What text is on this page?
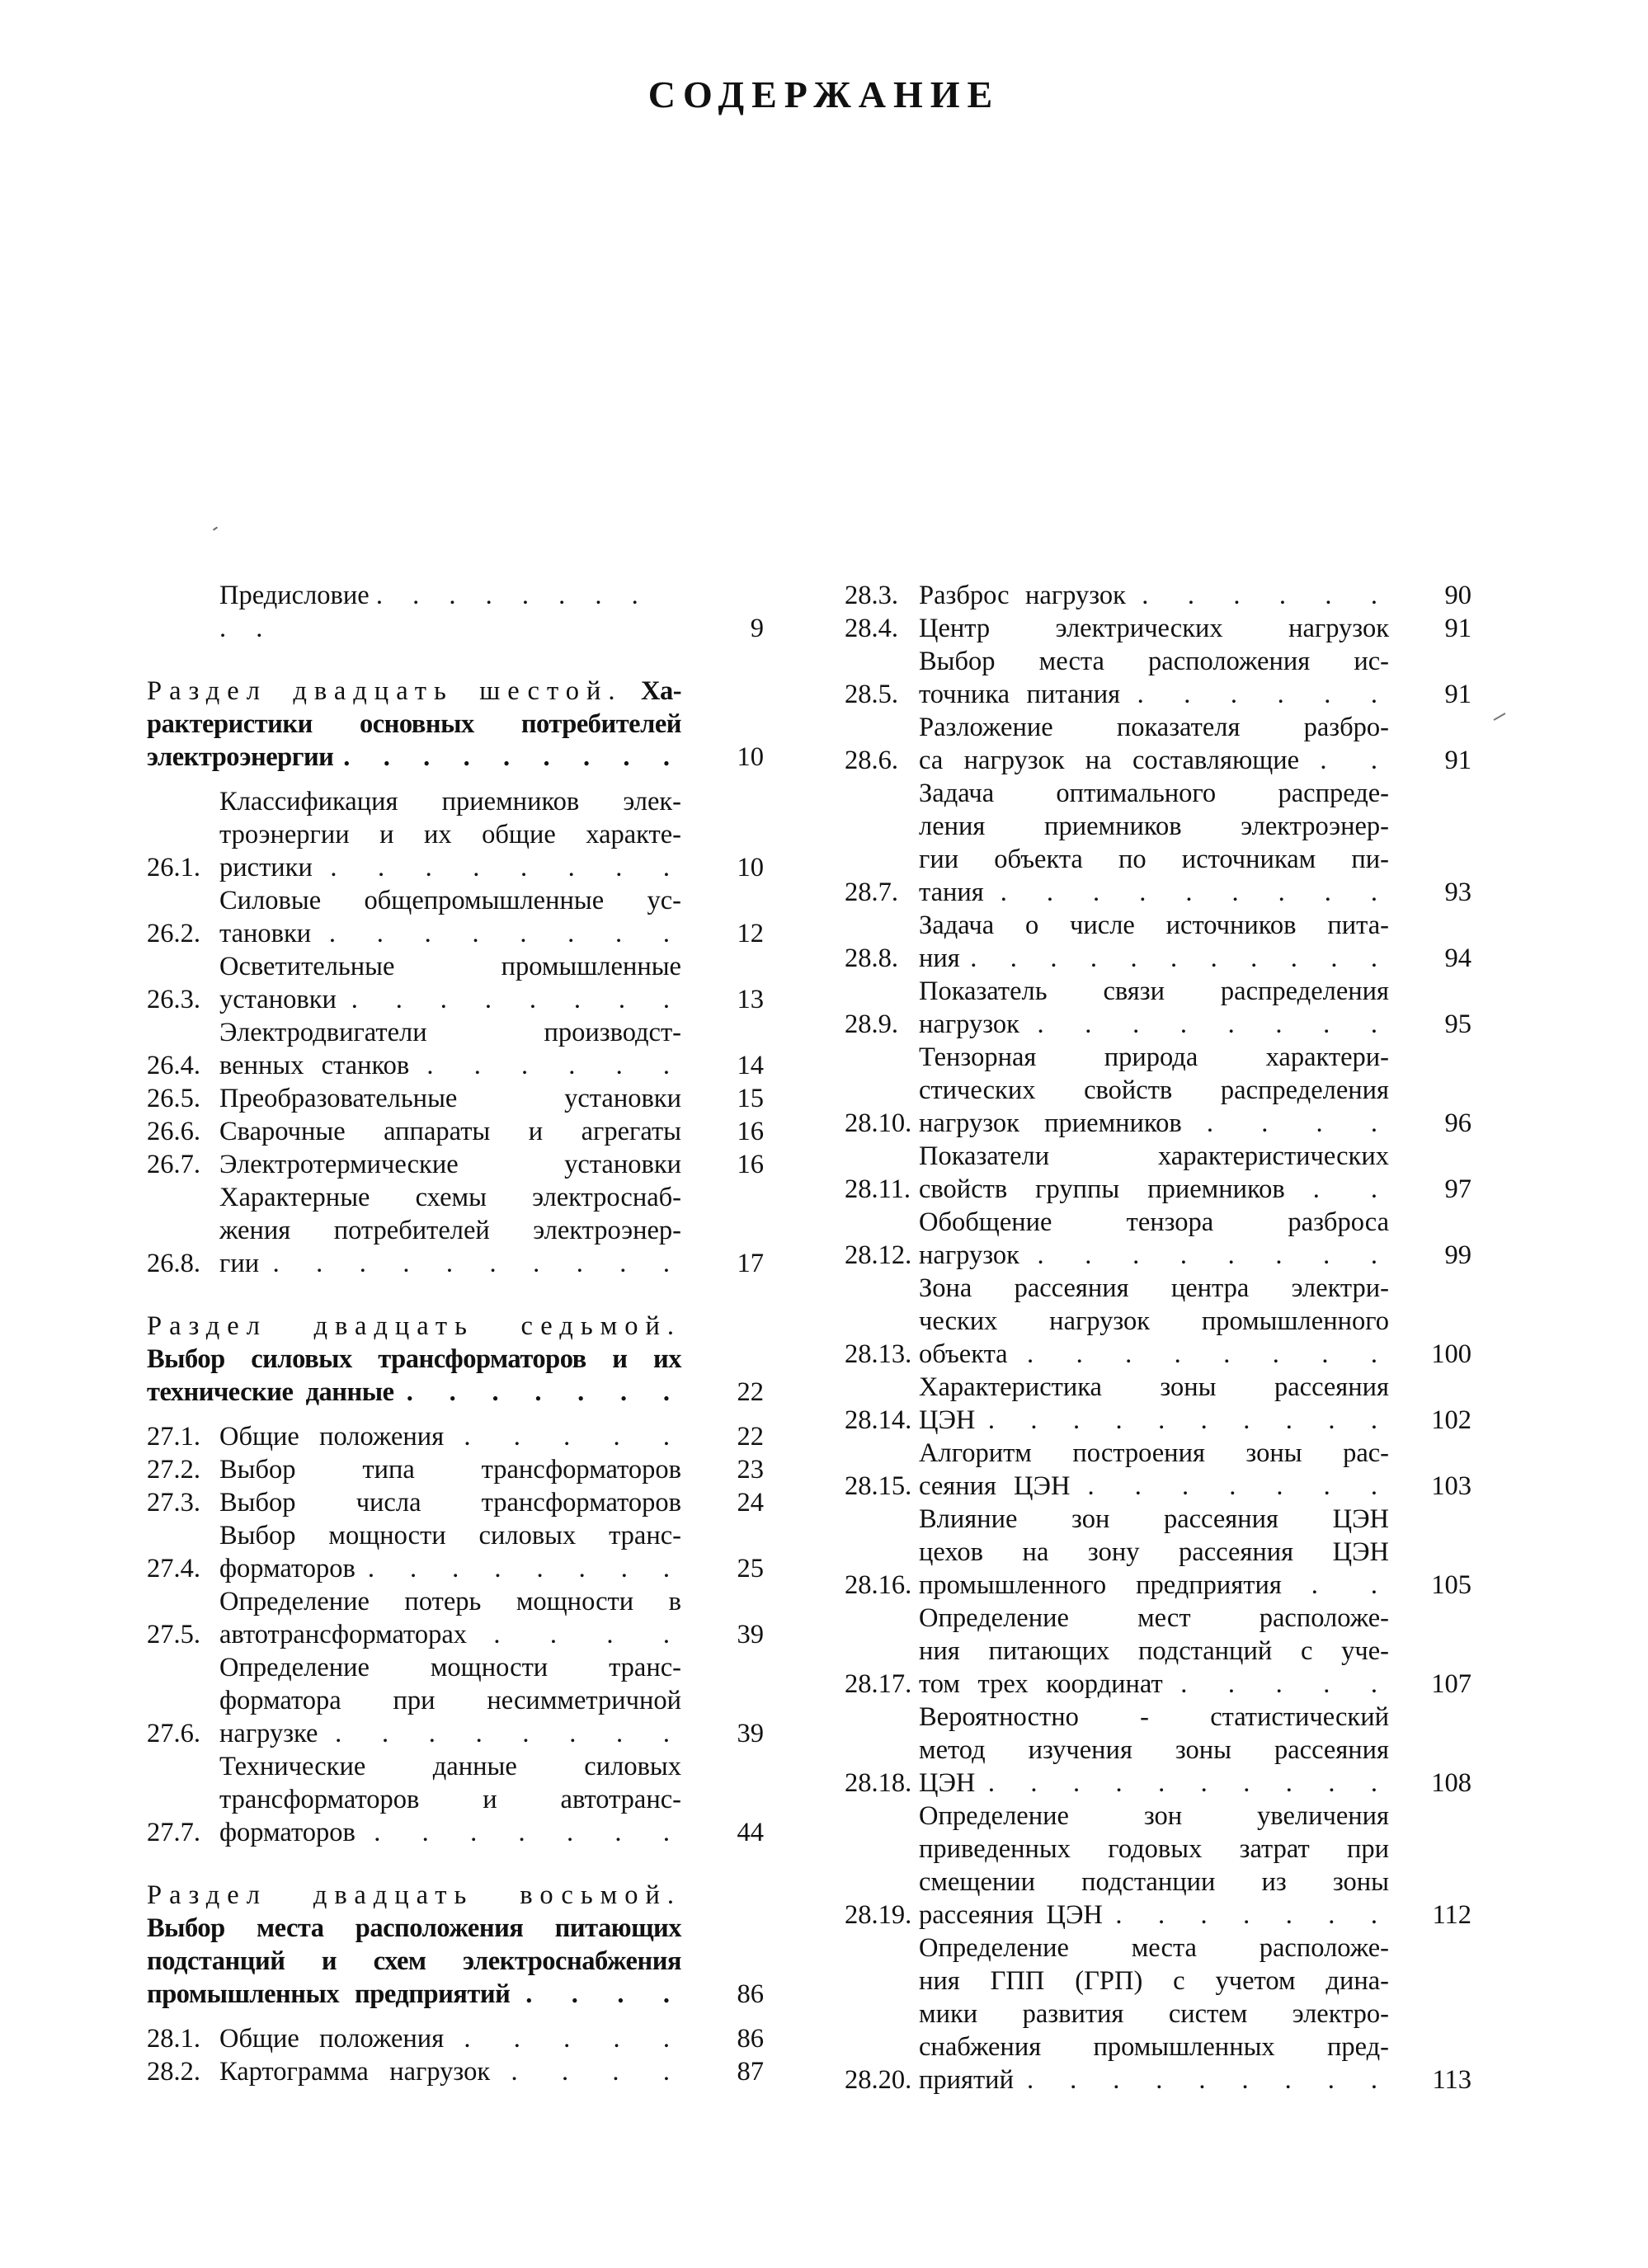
СОДЕРЖАНИЕ
Предисловие . . . . . . . . . .	9
Раздел двадцать шестой. Ха-
рактеристики основных потребителей
электроэнергии . . . . . . . . .	10
26.1.
Классификация приемников элек-
троэнергии и их общие характе-
ристики . . . . . . . .	10
26.2.
Силовые общепромышленные ус-
тановки . . . . . . . .	12
26.3.
Осветительные промышленные
установки . . . . . . . .	13
26.4.
Электродвигатели производст-
венных станков . . . . . .	14
26.5. Преобразовательные установки	15
26.6. Сварочные аппараты и агрегаты	16
26.7. Электротермические установки	16
26.8.
Характерные схемы электроснаб-
жения потребителей электроэнер-
гии . . . . . . . . . .	17
Раздел двадцать седьмой. Выбор силовых трансформаторов и их
технические данные . . . . . . .	22
27.1. Общие положения . . . . .	22
27.2. Выбор типа трансформаторов	23
27.3. Выбор числа трансформаторов	24
27.4.
Выбор мощности силовых транс-
форматоров . . . . . . . .	25
27.5.
Определение потерь мощности в
автотрансформаторах . . . .	39
27.6.
Определение мощности транс-
форматора при несимметричной
нагрузке . . . . . . . .	39
27.7.
Технические данные силовых
трансформаторов и автотранс-
форматоров . . . . . . .	44
Раздел двадцать восьмой. Выбор места расположения питающих
подстанций и схем электроснабжения
промышленных предприятий . . . .	86
28.1. Общие положения . . . . .	86
28.2. Картограмма нагрузок . . . .	87
28.3. Разброс нагрузок . . . . . .	90
28.4. Центр электрических нагрузок	91
28.5.
Выбор места расположения ис-
точника питания . . . . . .	91
28.6.
Разложение показателя разбро-
са нагрузок на составляющие . .	91
28.7.
Задача оптимального распреде-
ления приемников электроэнер-
гии объекта по источникам пи-
тания . . . . . . . . .	93
28.8.
Задача о числе источников пита-
ния . . . . . . . . . . .	94
28.9.
Показатель связи распределения
нагрузок . . . . . . . .	95
28.10.
Тензорная природа характери-
стических свойств распределения
нагрузок приемников . . . .	96
28.11.
Показатели характеристических
свойств группы приемников . .	97
28.12.
Обобщение тензора разброса
нагрузок . . . . . . . .	99
28.13.
Зона рассеяния центра электри-
ческих нагрузок промышленного
объекта . . . . . . . .	100
28.14.
Характеристика зоны рассеяния
ЦЭН . . . . . . . . . .	102
28.15.
Алгоритм построения зоны рас-
сеяния ЦЭН . . . . . . .	103
28.16.
Влияние зон рассеяния ЦЭН
цехов на зону рассеяния ЦЭН
промышленного предприятия . .	105
28.17.
Определение мест расположе-
ния питающих подстанций с уче-
том трех координат . . . . .	107
28.18.
Вероятностно - статистический
метод изучения зоны рассеяния
ЦЭН . . . . . . . . . .	108
28.19.
Определение зон увеличения
приведенных годовых затрат при
смещении подстанции из зоны
рассеяния ЦЭН . . . . . . .	112
28.20.
Определение места расположе-
ния ГПП (ГРП) с учетом дина-
мики развития систем электро-
снабжения промышленных пред-
приятий . . . . . . . . .	113
